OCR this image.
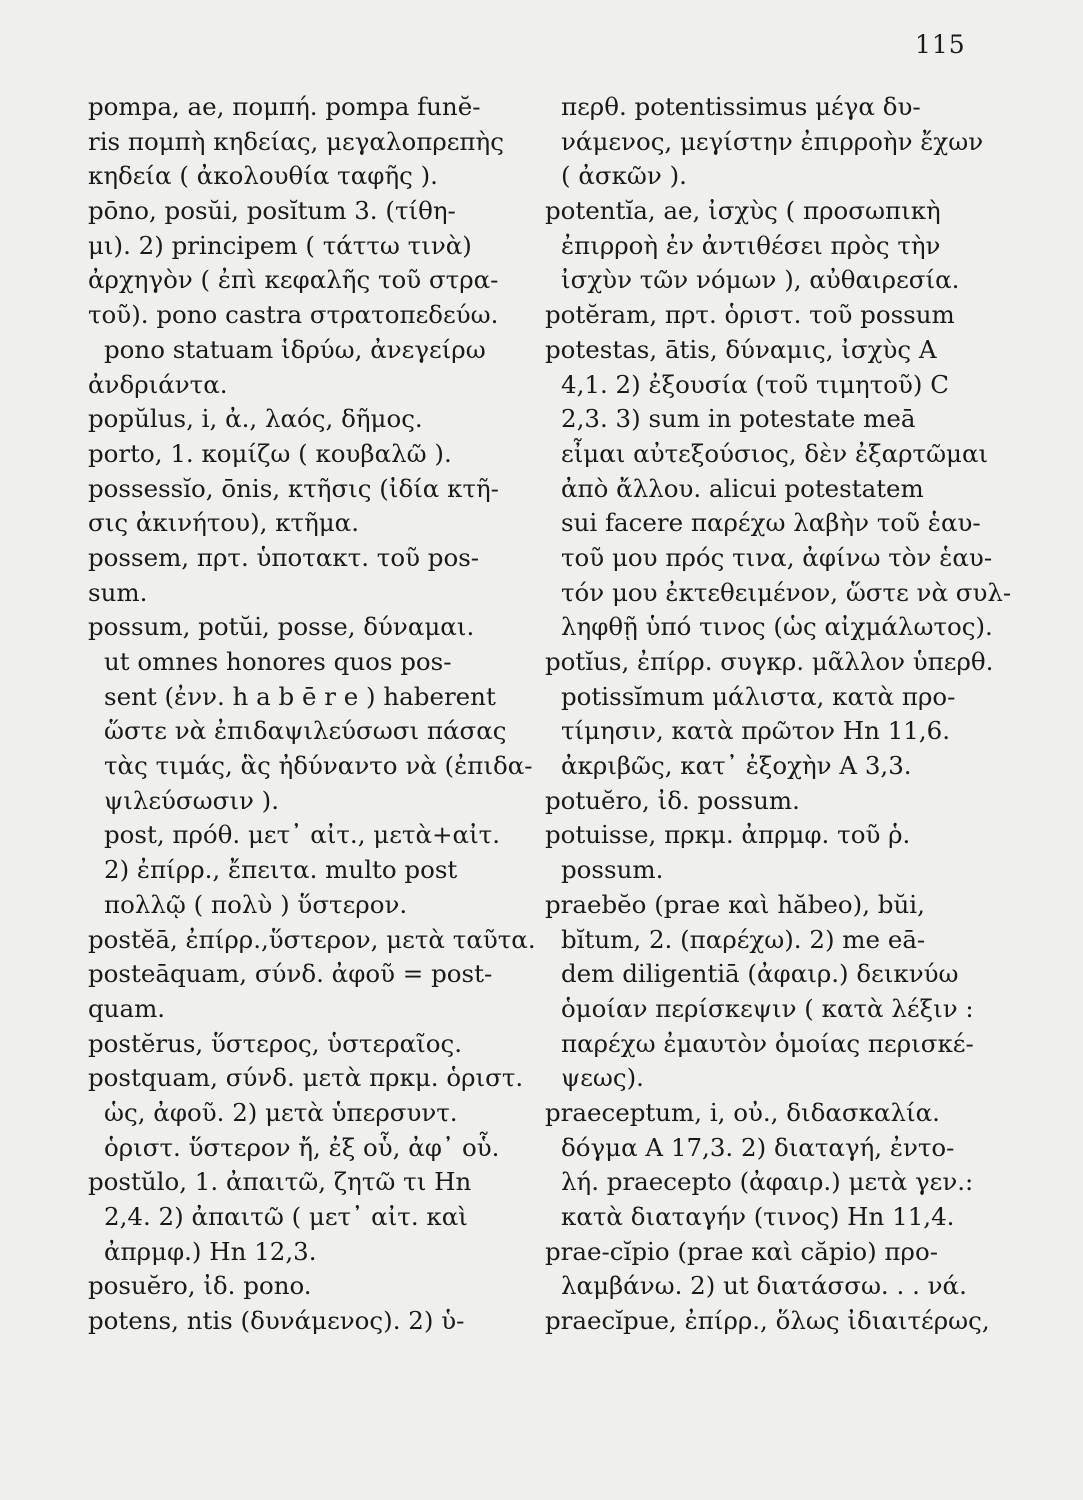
115
pompa, ae, πομπή. pompa funĕ-
ris πομπὴ κηδείας, μεγαλοπρεπὴς
κηδεία ( ἀκολουθία ταφῆς ).
pōno, posŭi, posĭtum 3. (τίθη-
μι). 2) principem ( τάττω τινὰ)
ἀρχηγὸν ( ἐπὶ κεφαλῆς τοῦ στρα-
τοῦ). pono castra στρατοπεδεύω.
pono statuam ἱδρύω, ἀνεγείρω
ἀνδριάντα.
popŭlus, i, ἀ., λαός, δῆμος.
porto, 1. κομίζω ( κουβαλῶ ).
possessĭo, ōnis, κτῆσις (ἰδία κτῆ-
σις ἀκινήτου), κτῆμα.
possem, πρτ. ὑποτακτ. τοῦ pos-
sum.
possum, potŭi, posse, δύναμαι.
ut omnes honores quos pos-
sent (ἐνν. h a b ē r e ) haberent
ὥστε νὰ ἐπιδαψιλεύσωσι πάσας
τὰς τιμάς, ἃς ἠδύναντο νὰ (ἐπιδα-
ψιλεύσωσιν ).
post, πρόθ. μετ᾽ αἰτ., μετὰ+αἰτ.
2) ἐπίρρ., ἔπειτα. multo post
πολλῷ ( πολὺ ) ὕστερον.
postĕā, ἐπίρρ.,ὕστερον, μετὰ ταῦτα.
posteāquam, σύνδ. ἀφοῦ = post-
quam.
postĕrus, ὕστερος, ὑστεραῖος.
postquam, σύνδ. μετὰ πρκμ. ὁριστ.
ὡς, ἀφοῦ. 2) μετὰ ὑπερσυντ.
ὁριστ. ὕστερον ἤ, ἐξ οὗ, ἀφ᾽ οὗ.
postŭlo, 1. ἀπαιτῶ, ζητῶ τι Hn
2,4. 2) ἀπαιτῶ ( μετ᾽ αἰτ. καὶ
ἀπρμφ.) Hn 12,3.
posuĕro, ἰδ. pono.
potens, ntis (δυνάμενος). 2) ὑ-
περθ. potentissimus μέγα δυ-
νάμενος, μεγίστην ἐπιρροὴν ἔχων
( ἀσκῶν ).
potentĭa, ae, ἰσχὺς ( προσωπικὴ
ἐπιρροὴ ἐν ἀντιθέσει πρὸς τὴν
ἰσχὺν τῶν νόμων ), αὐθαιρεσία.
potĕram, πρτ. ὁριστ. τοῦ possum
potestas, ātis, δύναμις, ἰσχὺς A
4,1. 2) ἐξουσία (τοῦ τιμητοῦ) C
2,3. 3) sum in potestate meā
εἶμαι αὐτεξούσιος, δὲν ἐξαρτῶμαι
ἀπὸ ἄλλου. alicui potestatem
sui facere παρέχω λαβὴν τοῦ ἑαυ-
τοῦ μου πρός τινα, ἀφίνω τὸν ἑαυ-
τόν μου ἐκτεθειμένον, ὥστε νὰ συλ-
ληφθῇ ὑπό τινος (ὡς αἰχμάλωτος).
potĭus, ἐπίρρ. συγκρ. μᾶλλον ὑπερθ.
potissĭmum μάλιστα, κατὰ προ-
τίμησιν, κατὰ πρῶτον Hn 11,6.
ἀκριβῶς, κατ᾽ ἐξοχὴν A 3,3.
potuĕro, ἰδ. possum.
potuisse, πρκμ. ἀπρμφ. τοῦ ῥ.
possum.
praebĕo (prae καὶ hăbeo), bŭi,
bĭtum, 2. (παρέχω). 2) me eā-
dem diligentiā (ἀφαιρ.) δεικνύω
ὁμοίαν περίσκεψιν ( κατὰ λέξιν :
παρέχω ἐμαυτὸν ὁμοίας περισκέ-
ψεως).
praeceptum, i, οὐ., διδασκαλία.
δόγμα A 17,3. 2) διαταγή, ἐντο-
λή. praecepto (ἀφαιρ.) μετὰ γεν.:
κατὰ διαταγήν (τινος) Hn 11,4.
prae-cĭpio (prae καὶ căpio) προ-
λαμβάνω. 2) ut διατάσσω. . . νά.
praecĭpue, ἐπίρρ., ὅλως ἰδιαιτέρως,
